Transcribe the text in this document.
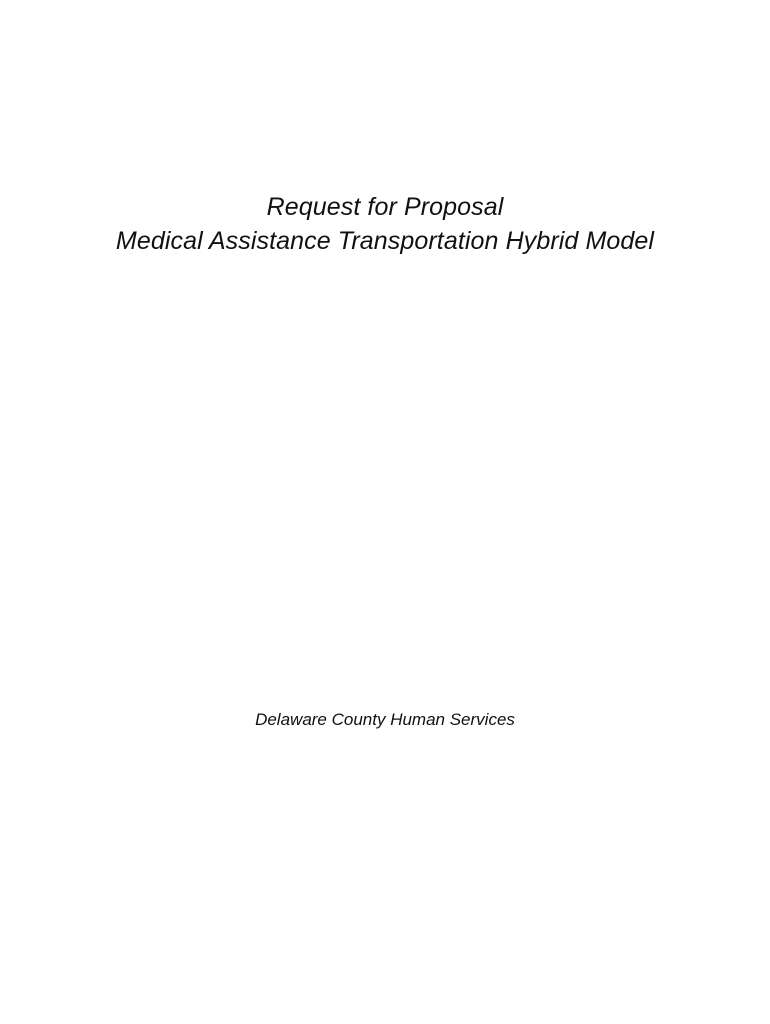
Request for Proposal
Medical Assistance Transportation Hybrid Model
Delaware County Human Services
